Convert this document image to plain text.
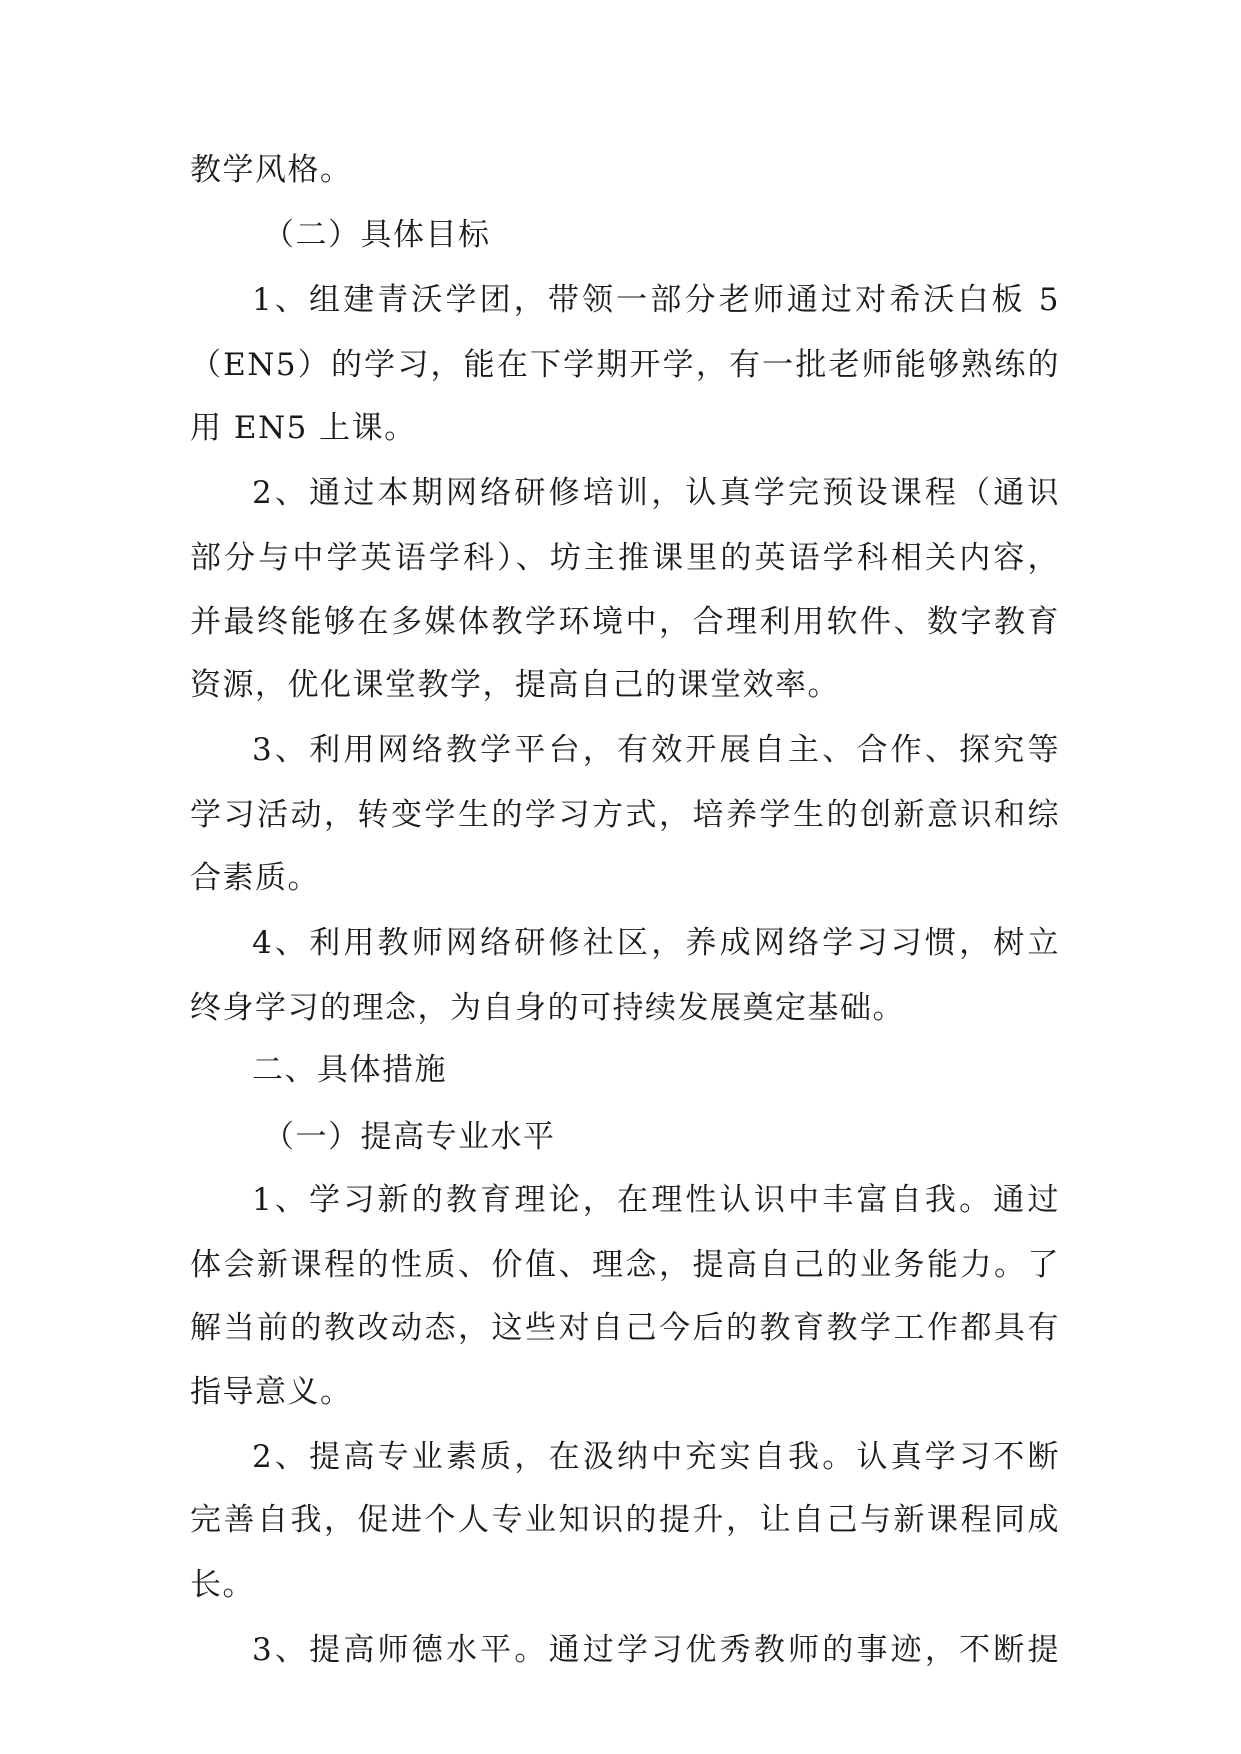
教学风格。
（二）具体目标
1、组建青沃学团，带领一部分老师通过对希沃白板 5
（EN5）的学习，能在下学期开学，有一批老师能够熟练的
用 EN5 上课。
2、通过本期网络研修培训，认真学完预设课程（通识
部分与中学英语学科）、坊主推课里的英语学科相关内容，
并最终能够在多媒体教学环境中，合理利用软件、数字教育
资源，优化课堂教学，提高自己的课堂效率。
3、利用网络教学平台，有效开展自主、合作、探究等
学习活动，转变学生的学习方式，培养学生的创新意识和综
合素质。
4、利用教师网络研修社区，养成网络学习习惯，树立
终身学习的理念，为自身的可持续发展奠定基础。
二、具体措施
（一）提高专业水平
1、学习新的教育理论，在理性认识中丰富自我。通过
体会新课程的性质、价值、理念，提高自己的业务能力。了
解当前的教改动态，这些对自己今后的教育教学工作都具有
指导意义。
2、提高专业素质，在汲纳中充实自我。认真学习不断
完善自我，促进个人专业知识的提升，让自己与新课程同成
长。
3、提高师德水平。通过学习优秀教师的事迹，不断提
